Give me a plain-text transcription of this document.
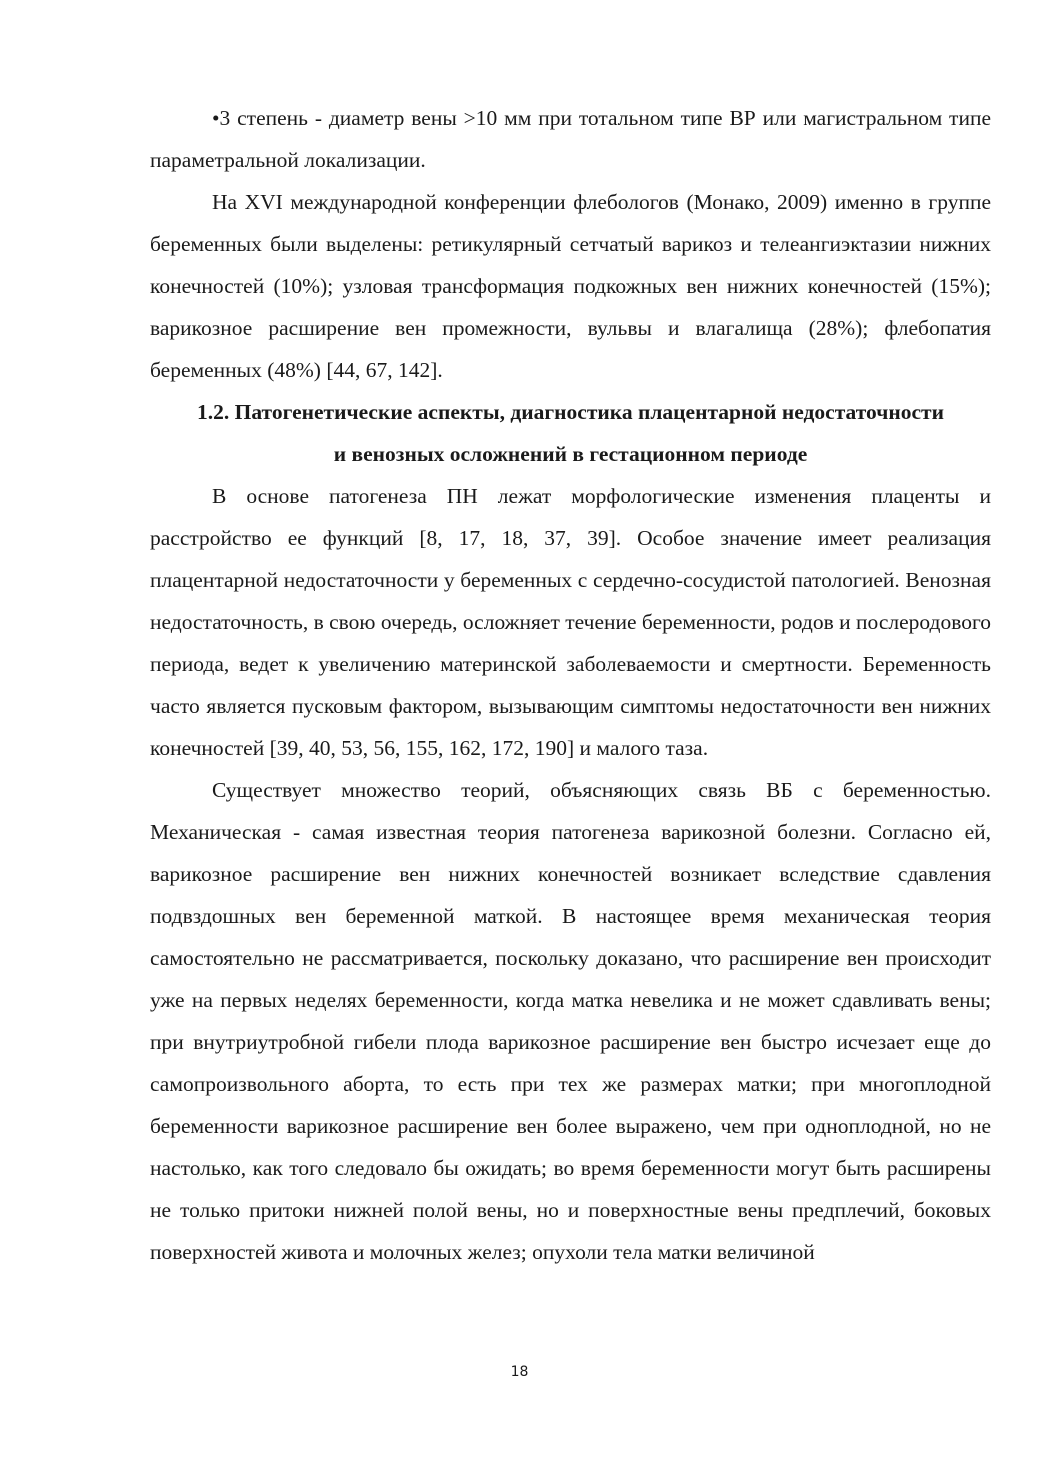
•3 степень - диаметр вены >10 мм при тотальном типе ВР или магистральном типе параметральной локализации.

На XVI международной конференции флебологов (Монако, 2009) именно в группе беременных были выделены: ретикулярный сетчатый варикоз и телеангиэктазии нижних конечностей (10%); узловая трансформация подкожных вен нижних конечностей (15%); варикозное расширение вен промежности, вульвы и влагалища (28%); флебопатия беременных (48%) [44, 67, 142].

1.2. Патогенетические аспекты, диагностика плацентарной недостаточности и венозных осложнений в гестационном периоде

В основе патогенеза ПН лежат морфологические изменения плаценты и расстройство ее функций [8, 17, 18, 37, 39]. Особое значение имеет реализация плацентарной недостаточности у беременных с сердечно-сосудистой патологией. Венозная недостаточность, в свою очередь, осложняет течение беременности, родов и послеродового периода, ведет к увеличению материнской заболеваемости и смертности. Беременность часто является пусковым фактором, вызывающим симптомы недостаточности вен нижних конечностей [39, 40, 53, 56, 155, 162, 172, 190] и малого таза.

Существует множество теорий, объясняющих связь ВБ с беременностью. Механическая - самая известная теория патогенеза варикозной болезни. Согласно ей, варикозное расширение вен нижних конечностей возникает вследствие сдавления подвздошных вен беременной маткой. В настоящее время механическая теория самостоятельно не рассматривается, поскольку доказано, что расширение вен происходит уже на первых неделях беременности, когда матка невелика и не может сдавливать вены; при внутриутробной гибели плода варикозное расширение вен быстро исчезает еще до самопроизвольного аборта, то есть при тех же размерах матки; при многоплодной беременности варикозное расширение вен более выражено, чем при одноплодной, но не настолько, как того следовало бы ожидать; во время беременности могут быть расширены не только притоки нижней полой вены, но и поверхностные вены предплечий, боковых поверхностей живота и молочных желез; опухоли тела матки величиной

18
